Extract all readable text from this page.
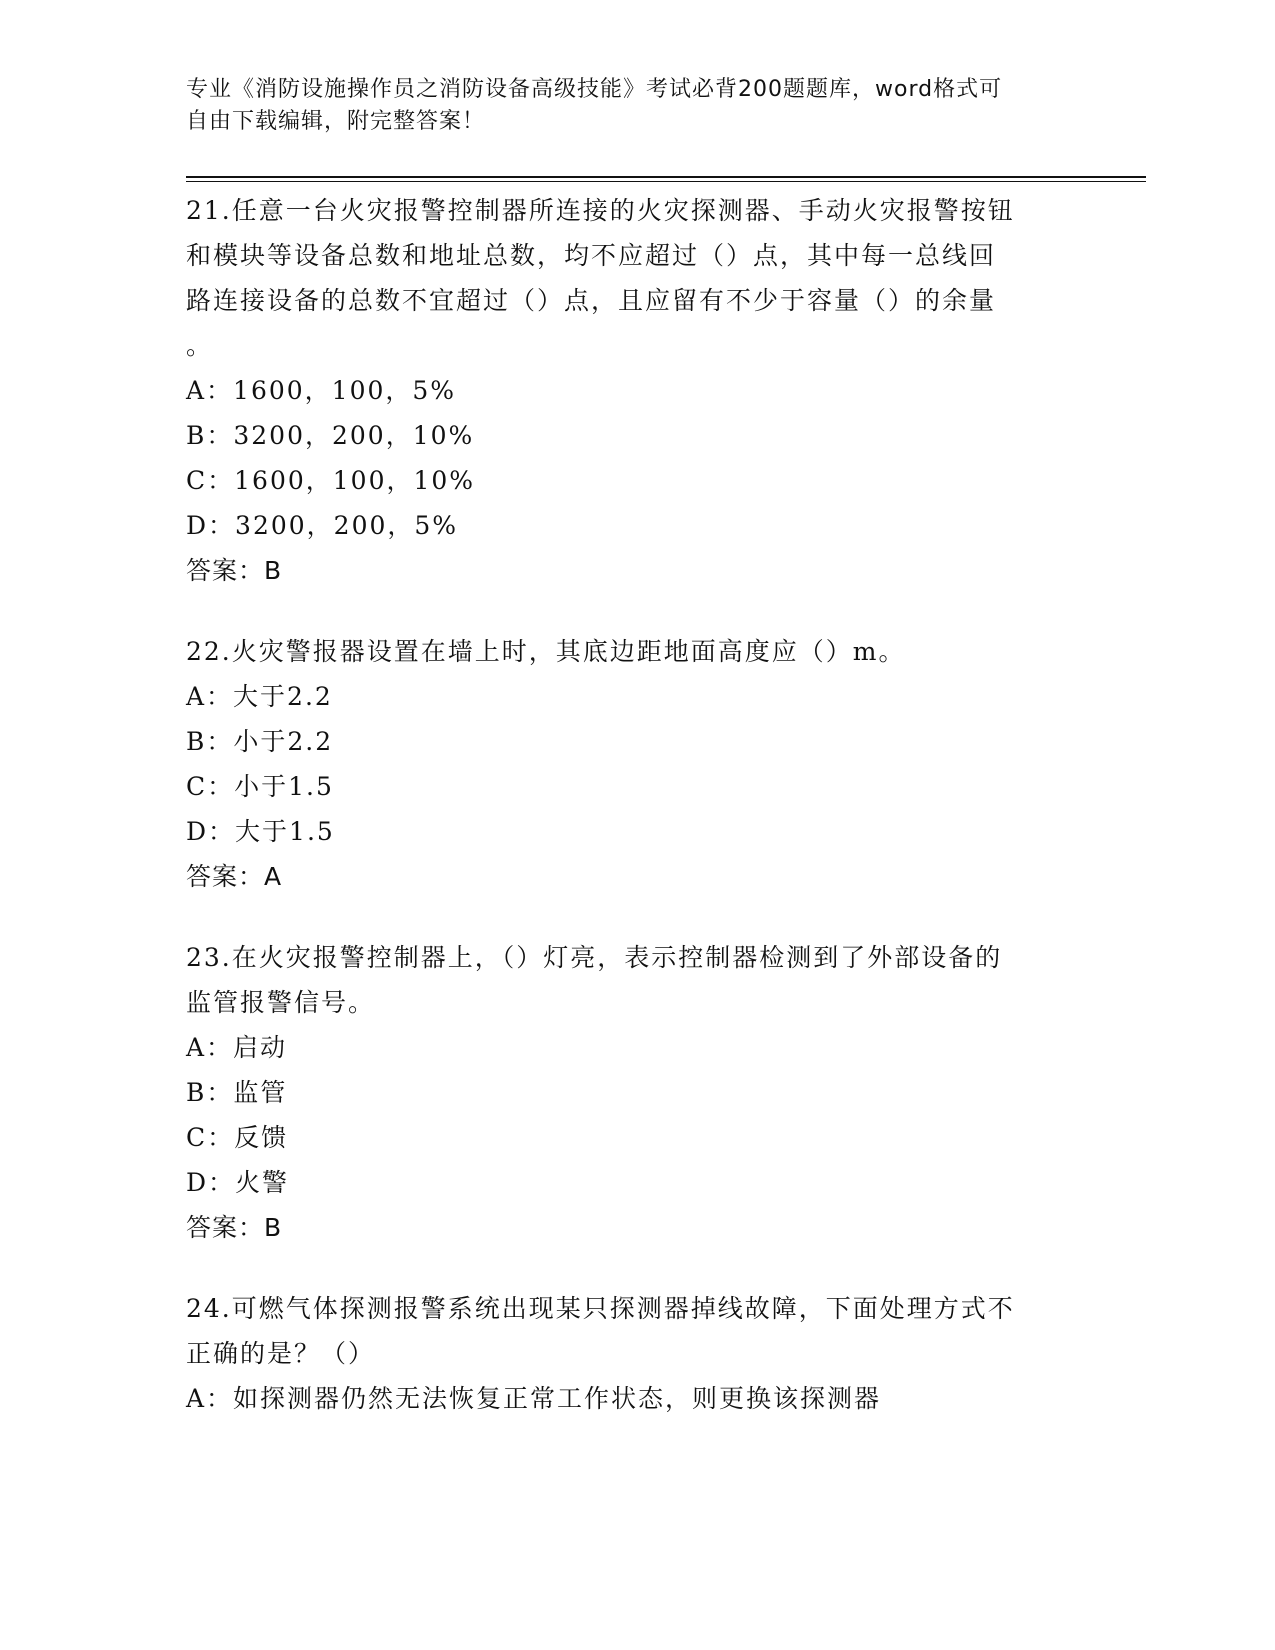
专业《消防设施操作员之消防设备高级技能》考试必背200题题库，word格式可
自由下载编辑，附完整答案！
21.任意一台火灾报警控制器所连接的火灾探测器、手动火灾报警按钮
和模块等设备总数和地址总数，均不应超过（）点，其中每一总线回
路连接设备的总数不宜超过（）点，且应留有不少于容量（）的余量
。
A：1600，100，5%
B：3200，200，10%
C：1600，100，10%
D：3200，200，5%
答案：B
22.火灾警报器设置在墙上时，其底边距地面高度应（）m。
A：大于2.2
B：小于2.2
C：小于1.5
D：大于1.5
答案：A
23.在火灾报警控制器上，（）灯亮，表示控制器检测到了外部设备的
监管报警信号。
A：启动
B：监管
C：反馈
D：火警
答案：B
24.可燃气体探测报警系统出现某只探测器掉线故障，下面处理方式不
正确的是？（）
A：如探测器仍然无法恢复正常工作状态，则更换该探测器
